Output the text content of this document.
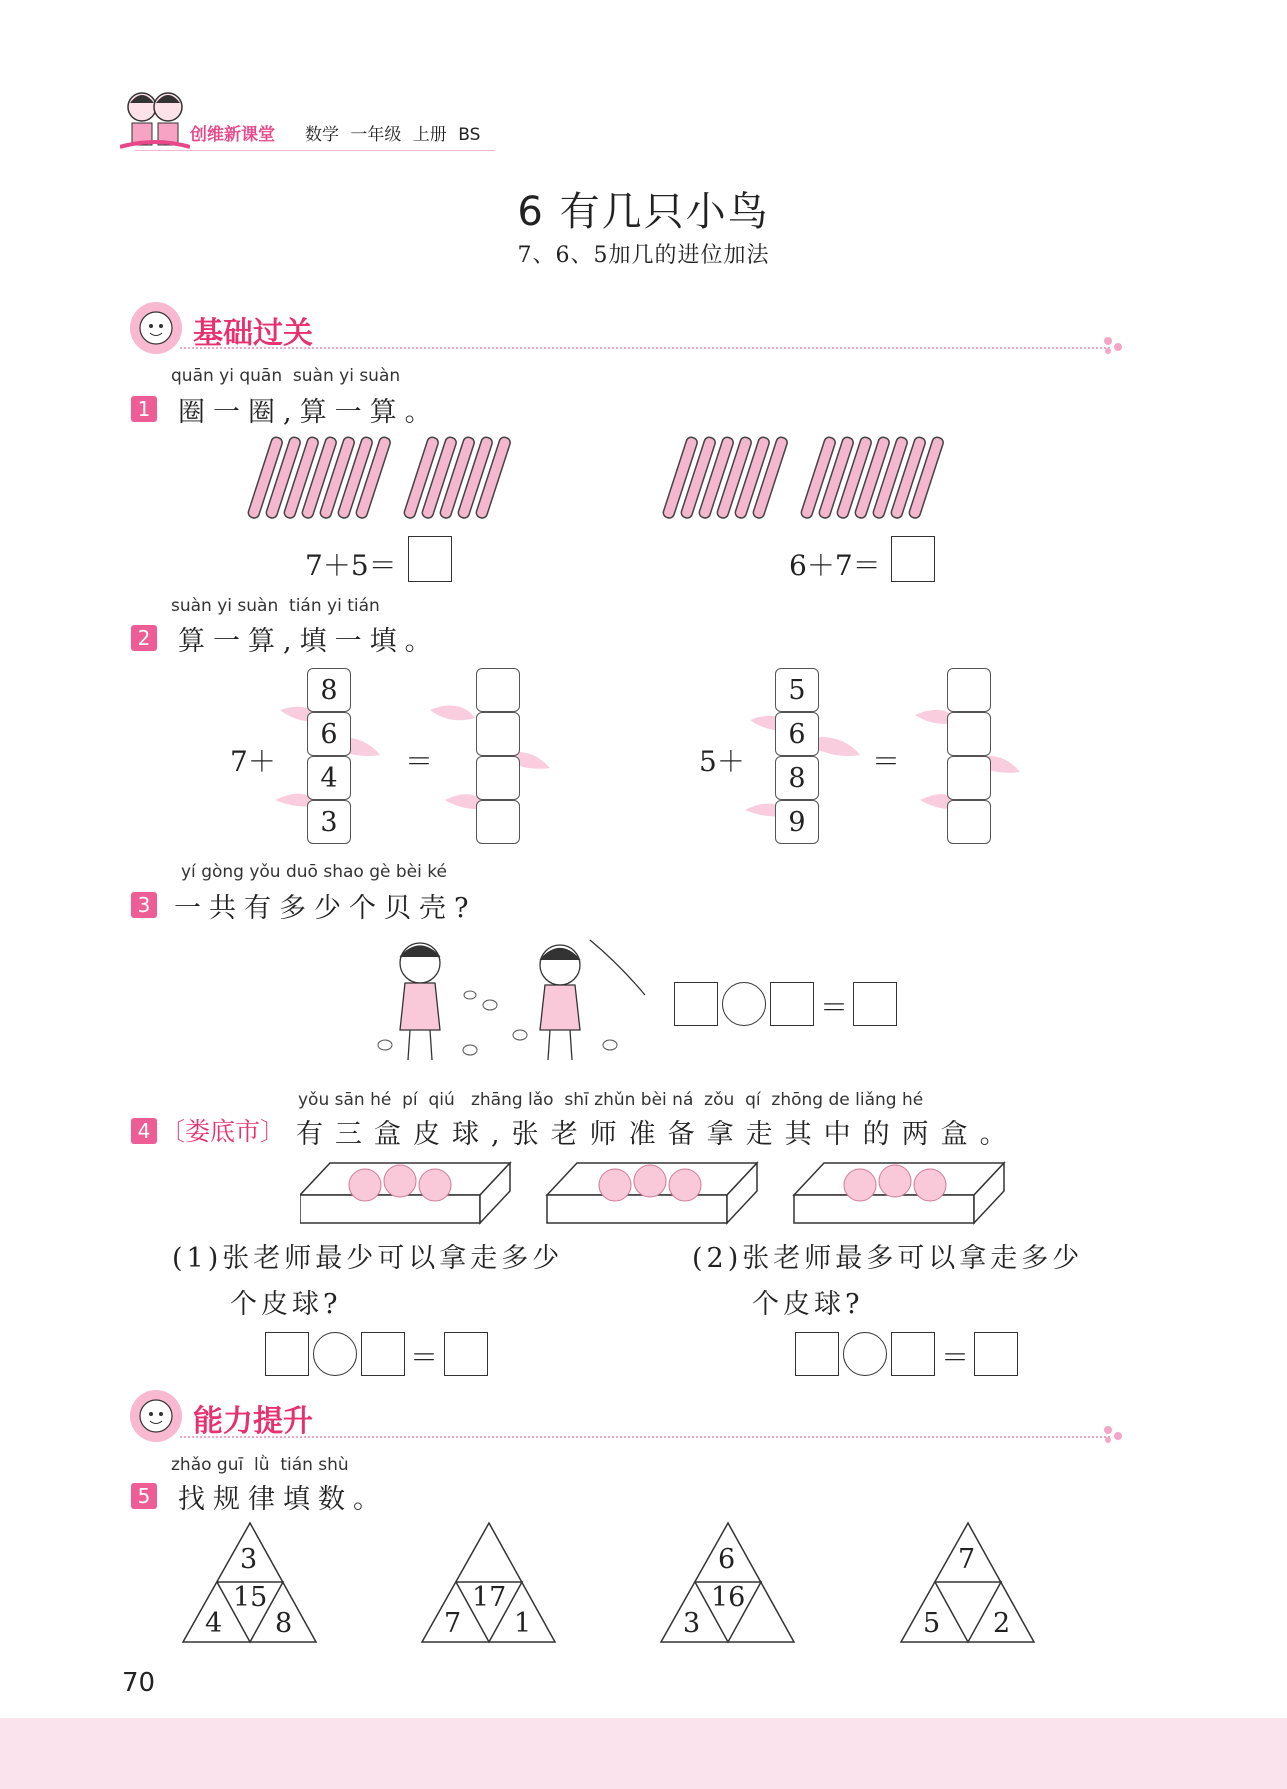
创维新课堂 数学 一年级 上册 BS
6 有几只小鸟
7、6、5加几的进位加法
基础过关
quān yi quān  suàn yi suàn
1 圈一圈,算一算。
7＋5＝	6＋7＝
suàn yi suàn  tián yi tián
2 算一算,填一填。
7＋
8
6
4
3
＝	5＋
5
6
8
9
＝
yí gòng yǒu duō shao gè bèi ké
3 一共有多少个贝壳?
＝
yǒu sān hé  pí  qiú   zhāng lǎo  shī zhǔn bèi ná  zǒu  qí  zhōng de liǎng hé
4 〔娄底市〕 有三盒皮球,张老师准备拿走其中的两盒。
(1)张老师最少可以拿走多少
个皮球?
(2)张老师最多可以拿走多少
个皮球?
＝	＝
能力提升
zhǎo guī  lǜ  tián shù
5 找规律填数。
3
15
4 8
17
7 1
6
16
3
7
5 2
70
